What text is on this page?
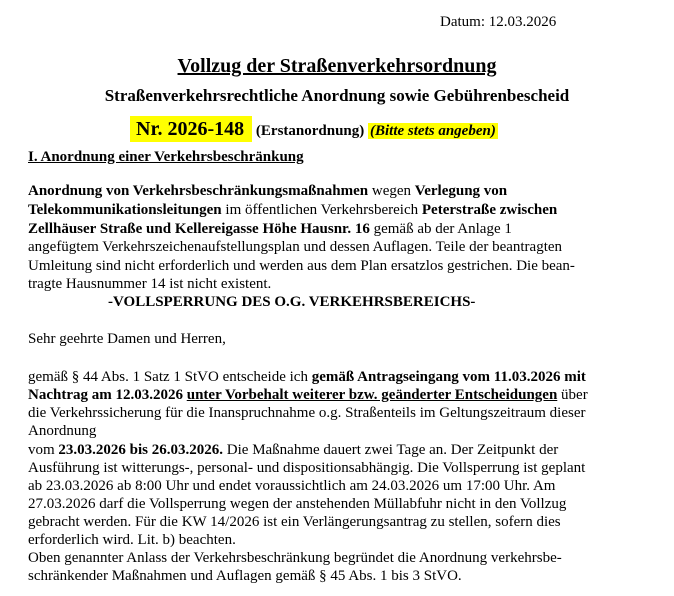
Datum: 12.03.2026
Vollzug der Straßenverkehrsordnung
Straßenverkehrsrechtliche Anordnung sowie Gebührenbescheid
Nr. 2026-148 (Erstanordnung) (Bitte stets angeben)
I. Anordnung einer Verkehrsbeschränkung
Anordnung von Verkehrsbeschränkungsmaßnahmen wegen Verlegung von
Telekommunikationsleitungen im öffentlichen Verkehrsbereich Peterstraße zwischen
Zellhäuser Straße und Kellereigasse Höhe Hausnr. 16 gemäß ab der Anlage 1
angefügtem Verkehrszeichenaufstellungsplan und dessen Auflagen. Teile der beantragten
Umleitung sind nicht erforderlich und werden aus dem Plan ersatzlos gestrichen. Die bean-
tragte Hausnummer 14 ist nicht existent.
-VOLLSPERRUNG DES O.G. VERKEHRSBEREICHS-
Sehr geehrte Damen und Herren,
gemäß § 44 Abs. 1 Satz 1 StVO entscheide ich gemäß Antragseingang vom 11.03.2026 mit
Nachtrag am 12.03.2026 unter Vorbehalt weiterer bzw. geänderter Entscheidungen über
die Verkehrssicherung für die Inanspruchnahme o.g. Straßenteils im Geltungszeitraum dieser
Anordnung
vom 23.03.2026 bis 26.03.2026. Die Maßnahme dauert zwei Tage an. Der Zeitpunkt der
Ausführung ist witterungs-, personal- und dispositionsabhängig. Die Vollsperrung ist geplant
ab 23.03.2026 ab 8:00 Uhr und endet voraussichtlich am 24.03.2026 um 17:00 Uhr. Am
27.03.2026 darf die Vollsperrung wegen der anstehenden Müllabfuhr nicht in den Vollzug
gebracht werden. Für die KW 14/2026 ist ein Verlängerungsantrag zu stellen, sofern dies
erforderlich wird. Lit. b) beachten.
Oben genannter Anlass der Verkehrsbeschränkung begründet die Anordnung verkehrsbe-
schränkender Maßnahmen und Auflagen gemäß § 45 Abs. 1 bis 3 StVO.
